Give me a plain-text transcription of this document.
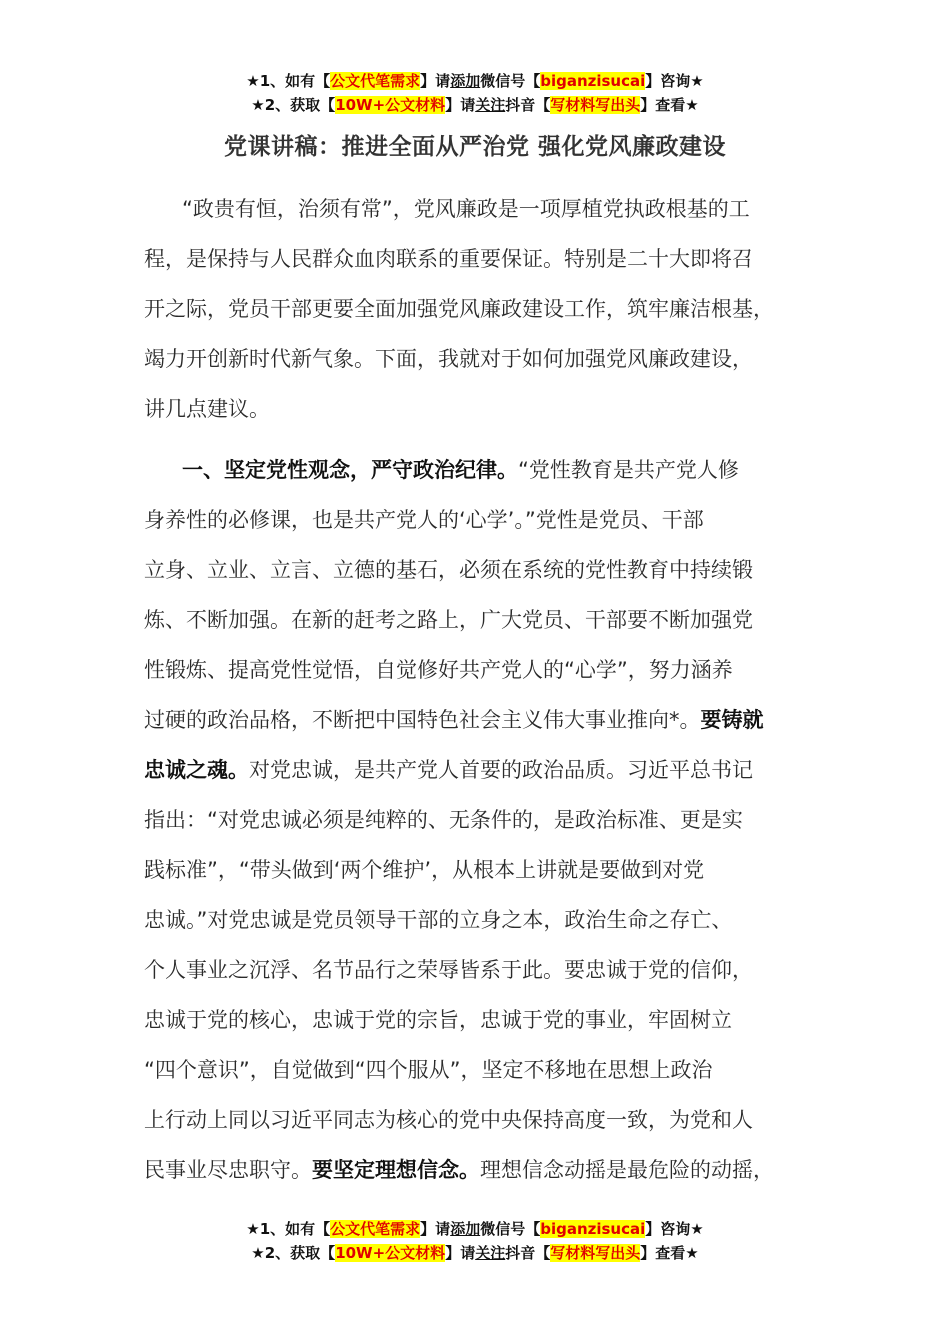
★1、如有【公文代笔需求】请添加微信号【biganzisucai】咨询★
★2、获取【10W+公文材料】请关注抖音【写材料写出头】查看★
党课讲稿：推进全面从严治党 强化党风廉政建设
“政贵有恒，治须有常”，党风廉政是一项厚植党执政根基的工
程，是保持与人民群众血肉联系的重要保证。特别是二十大即将召
开之际，党员干部更要全面加强党风廉政建设工作，筑牢廉洁根基，
竭力开创新时代新气象。下面，我就对于如何加强党风廉政建设，
讲几点建议。
一、坚定党性观念，严守政治纪律。“党性教育是共产党人修
身养性的必修课，也是共产党人的‘心学’。”党性是党员、干部
立身、立业、立言、立德的基石，必须在系统的党性教育中持续锻
炼、不断加强。在新的赶考之路上，广大党员、干部要不断加强党
性锻炼、提高党性觉悟，自觉修好共产党人的“心学”，努力涵养
过硬的政治品格，不断把中国特色社会主义伟大事业推向*。要铸就
忠诚之魂。对党忠诚，是共产党人首要的政治品质。习近平总书记
指出：“对党忠诚必须是纯粹的、无条件的，是政治标准、更是实
践标准”，“带头做到‘两个维护’，从根本上讲就是要做到对党
忠诚。”对党忠诚是党员领导干部的立身之本，政治生命之存亡、
个人事业之沉浮、名节品行之荣辱皆系于此。要忠诚于党的信仰，
忠诚于党的核心，忠诚于党的宗旨，忠诚于党的事业，牢固树立
“四个意识”，自觉做到“四个服从”，坚定不移地在思想上政治
上行动上同以习近平同志为核心的党中央保持高度一致，为党和人
民事业尽忠职守。要坚定理想信念。理想信念动摇是最危险的动摇，
★1、如有【公文代笔需求】请添加微信号【biganzisucai】咨询★
★2、获取【10W+公文材料】请关注抖音【写材料写出头】查看★
